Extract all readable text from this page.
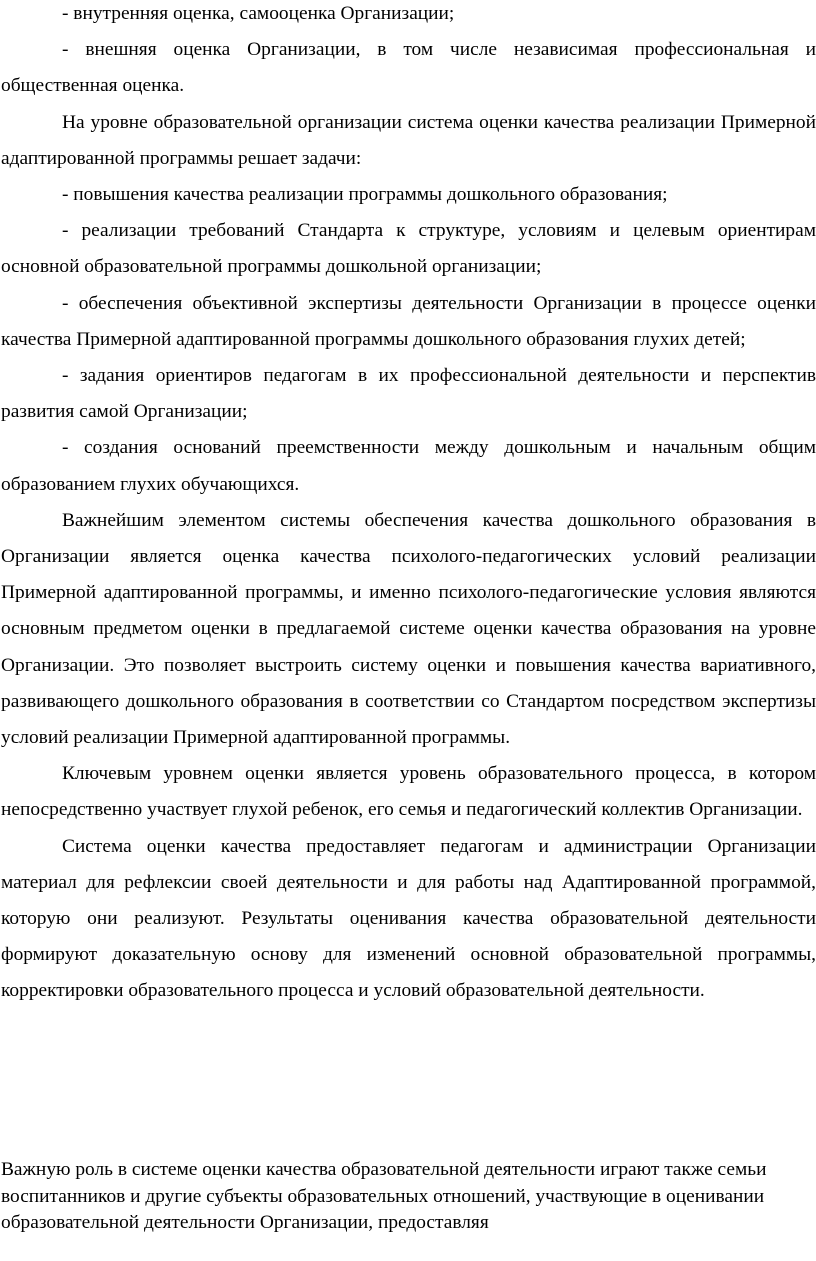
- внутренняя оценка, самооценка Организации;

- внешняя оценка Организации, в том числе независимая профессиональная и общественная оценка.

На уровне образовательной организации система оценки качества реализации Примерной адаптированной программы решает задачи:

- повышения качества реализации программы дошкольного образования;

- реализации требований Стандарта к структуре, условиям и целевым ориентирам основной образовательной программы дошкольной организации;

- обеспечения объективной экспертизы деятельности Организации в процессе оценки качества Примерной адаптированной программы дошкольного образования глухих детей;

- задания ориентиров педагогам в их профессиональной деятельности и перспектив развития самой Организации;

- создания оснований преемственности между дошкольным и начальным общим образованием глухих обучающихся.

Важнейшим элементом системы обеспечения качества дошкольного образования в Организации является оценка качества психолого-педагогических условий реализации Примерной адаптированной программы, и именно психолого-педагогические условия являются основным предметом оценки в предлагаемой системе оценки качества образования на уровне Организации. Это позволяет выстроить систему оценки и повышения качества вариативного, развивающего дошкольного образования в соответствии со Стандартом посредством экспертизы условий реализации Примерной адаптированной программы.

Ключевым уровнем оценки является уровень образовательного процесса, в котором непосредственно участвует глухой ребенок, его семья и педагогический коллектив Организации.

Система оценки качества предоставляет педагогам и администрации Организации материал для рефлексии своей деятельности и для работы над Адаптированной программой, которую они реализуют. Результаты оценивания качества образовательной деятельности формируют доказательную основу для изменений основной образовательной программы, корректировки образовательного процесса и условий образовательной деятельности.

Важную роль в системе оценки качества образовательной деятельности играют также семьи воспитанников и другие субъекты образовательных отношений, участвующие в оценивании образовательной деятельности Организации, предоставляя
